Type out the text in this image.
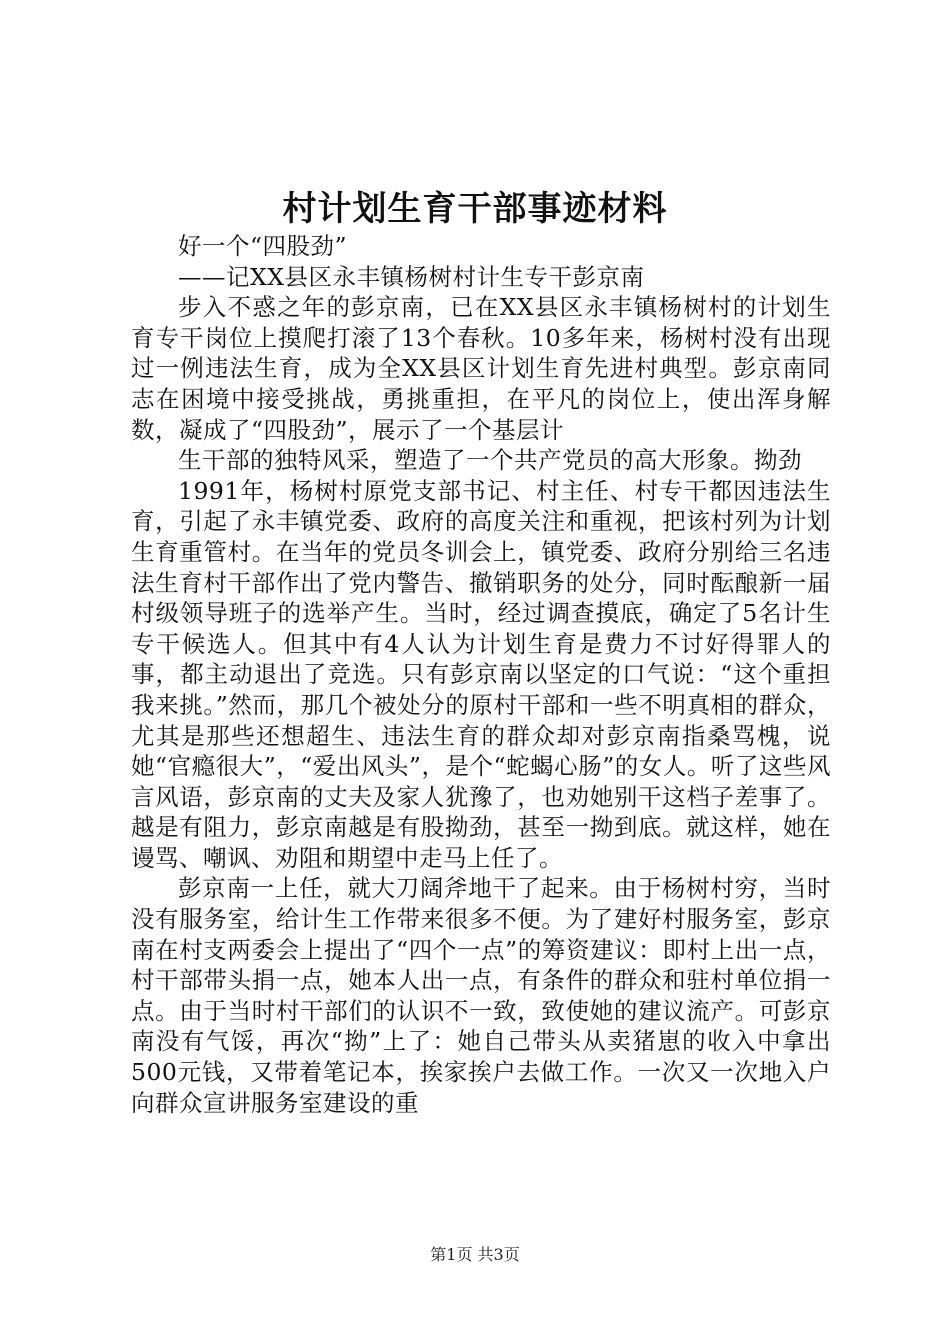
村计划生育干部事迹材料

好一个“四股劲”

——记XX县区永丰镇杨树村计生专干彭京南

步入不惑之年的彭京南，已在XX县区永丰镇杨树村的计划生育专干岗位上摸爬打滚了13个春秋。10多年来，杨树村没有出现过一例违法生育，成为全XX县区计划生育先进村典型。彭京南同志在困境中接受挑战，勇挑重担，在平凡的岗位上，使出浑身解数，凝成了“四股劲”，展示了一个基层计

生干部的独特风采，塑造了一个共产党员的高大形象。拗劲

1991年，杨树村原党支部书记、村主任、村专干都因违法生育，引起了永丰镇党委、政府的高度关注和重视，把该村列为计划生育重管村。在当年的党员冬训会上，镇党委、政府分别给三名违法生育村干部作出了党内警告、撤销职务的处分，同时酝酿新一届村级领导班子的选举产生。当时，经过调查摸底，确定了5名计生专干候选人。但其中有4人认为计划生育是费力不讨好得罪人的事，都主动退出了竞选。只有彭京南以坚定的口气说：“这个重担我来挑。”然而，那几个被处分的原村干部和一些不明真相的群众，尤其是那些还想超生、违法生育的群众却对彭京南指桑骂槐，说她“官瘾很大”，“爱出风头”，是个“蛇蝎心肠”的女人。听了这些风言风语，彭京南的丈夫及家人犹豫了，也劝她别干这档子差事了。越是有阻力，彭京南越是有股拗劲，甚至一拗到底。就这样，她在谩骂、嘲讽、劝阻和期望中走马上任了。

彭京南一上任，就大刀阔斧地干了起来。由于杨树村穷，当时没有服务室，给计生工作带来很多不便。为了建好村服务室，彭京南在村支两委会上提出了“四个一点”的筹资建议：即村上出一点，村干部带头捐一点，她本人出一点，有条件的群众和驻村单位捐一点。由于当时村干部们的认识不一致，致使她的建议流产。可彭京南没有气馁，再次“拗”上了：她自己带头从卖猪崽的收入中拿出500元钱，又带着笔记本，挨家挨户去做工作。一次又一次地入户向群众宣讲服务室建设的重

第1页 共3页
